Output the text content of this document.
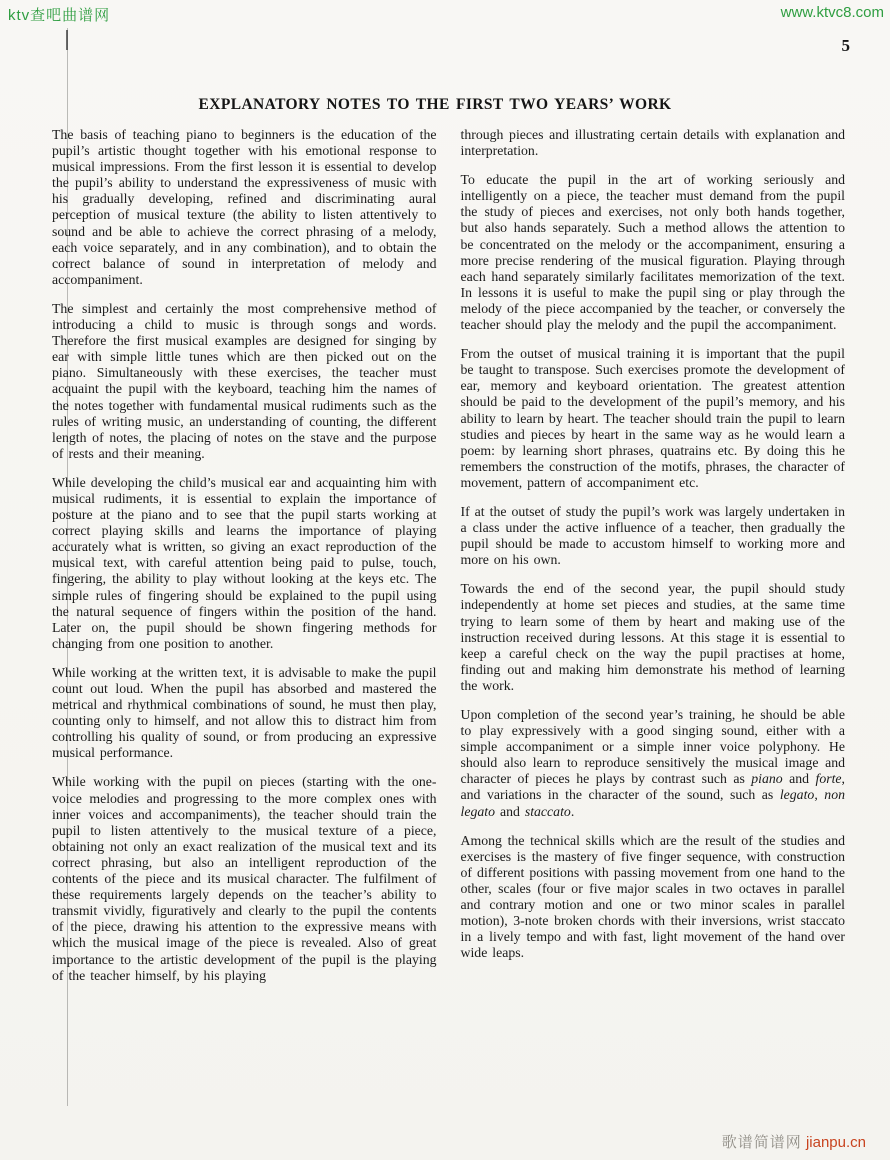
ktv查吧曲谱网	www.ktvc8.com
5
EXPLANATORY NOTES TO THE FIRST TWO YEARS’ WORK

The basis of teaching piano to beginners is the education of the pupil’s artistic thought together with his emotional response to musical impressions. From the first lesson it is essential to develop the pupil’s ability to understand the expressiveness of music with his gradually developing, refined and discriminating aural perception of musical texture (the ability to listen attentively to sound and be able to achieve the correct phrasing of a melody, each voice separately, and in any combination), and to obtain the correct balance of sound in interpretation of melody and accompaniment.

The simplest and certainly the most comprehensive method of introducing a child to music is through songs and words. Therefore the first musical examples are designed for singing by ear with simple little tunes which are then picked out on the piano. Simultaneously with these exercises, the teacher must acquaint the pupil with the keyboard, teaching him the names of the notes together with fundamental musical rudiments such as the rules of writing music, an understanding of counting, the different length of notes, the placing of notes on the stave and the purpose of rests and their meaning.

While developing the child’s musical ear and acquainting him with musical rudiments, it is essential to explain the importance of posture at the piano and to see that the pupil starts working at correct playing skills and learns the importance of playing accurately what is written, so giving an exact reproduction of the musical text, with careful attention being paid to pulse, touch, fingering, the ability to play without looking at the keys etc. The simple rules of fingering should be explained to the pupil using the natural sequence of fingers within the position of the hand. Later on, the pupil should be shown fingering methods for changing from one position to another.

While working at the written text, it is advisable to make the pupil count out loud. When the pupil has absorbed and mastered the metrical and rhythmical combinations of sound, he must then play, counting only to himself, and not allow this to distract him from controlling his quality of sound, or from producing an expressive musical performance.

While working with the pupil on pieces (starting with the one-voice melodies and progressing to the more complex ones with inner voices and accompaniments), the teacher should train the pupil to listen attentively to the musical texture of a piece, obtaining not only an exact realization of the musical text and its correct phrasing, but also an intelligent reproduction of the contents of the piece and its musical character. The fulfilment of these requirements largely depends on the teacher’s ability to transmit vividly, figuratively and clearly to the pupil the contents of the piece, drawing his attention to the expressive means with which the musical image of the piece is revealed. Also of great importance to the artistic development of the pupil is the playing of the teacher himself, by his playing

through pieces and illustrating certain details with explanation and interpretation.

To educate the pupil in the art of working seriously and intelligently on a piece, the teacher must demand from the pupil the study of pieces and exercises, not only both hands together, but also hands separately. Such a method allows the attention to be concentrated on the melody or the accompaniment, ensuring a more precise rendering of the musical figuration. Playing through each hand separately similarly facilitates memorization of the text. In lessons it is useful to make the pupil sing or play through the melody of the piece accompanied by the teacher, or conversely the teacher should play the melody and the pupil the accompaniment.

From the outset of musical training it is important that the pupil be taught to transpose. Such exercises promote the development of ear, memory and keyboard orientation. The greatest attention should be paid to the development of the pupil’s memory, and his ability to learn by heart. The teacher should train the pupil to learn studies and pieces by heart in the same way as he would learn a poem: by learning short phrases, quatrains etc. By doing this he remembers the construction of the motifs, phrases, the character of movement, pattern of accompaniment etc.

If at the outset of study the pupil’s work was largely undertaken in a class under the active influence of a teacher, then gradually the pupil should be made to accustom himself to working more and more on his own.

Towards the end of the second year, the pupil should study independently at home set pieces and studies, at the same time trying to learn some of them by heart and making use of the instruction received during lessons. At this stage it is essential to keep a careful check on the way the pupil practises at home, finding out and making him demonstrate his method of learning the work.

Upon completion of the second year’s training, he should be able to play expressively with a good singing sound, either with a simple accompaniment or a simple inner voice polyphony. He should also learn to reproduce sensitively the musical image and character of pieces he plays by contrast such as piano and forte, and variations in the character of the sound, such as legato, non legato and staccato.

Among the technical skills which are the result of the studies and exercises is the mastery of five finger sequence, with construction of different positions with passing movement from one hand to the other, scales (four or five major scales in two octaves in parallel and contrary motion and one or two minor scales in parallel motion), 3-note broken chords with their inversions, wrist staccato in a lively tempo and with fast, light movement of the hand over wide leaps.

歌谱简谱网 jianpu.cn
